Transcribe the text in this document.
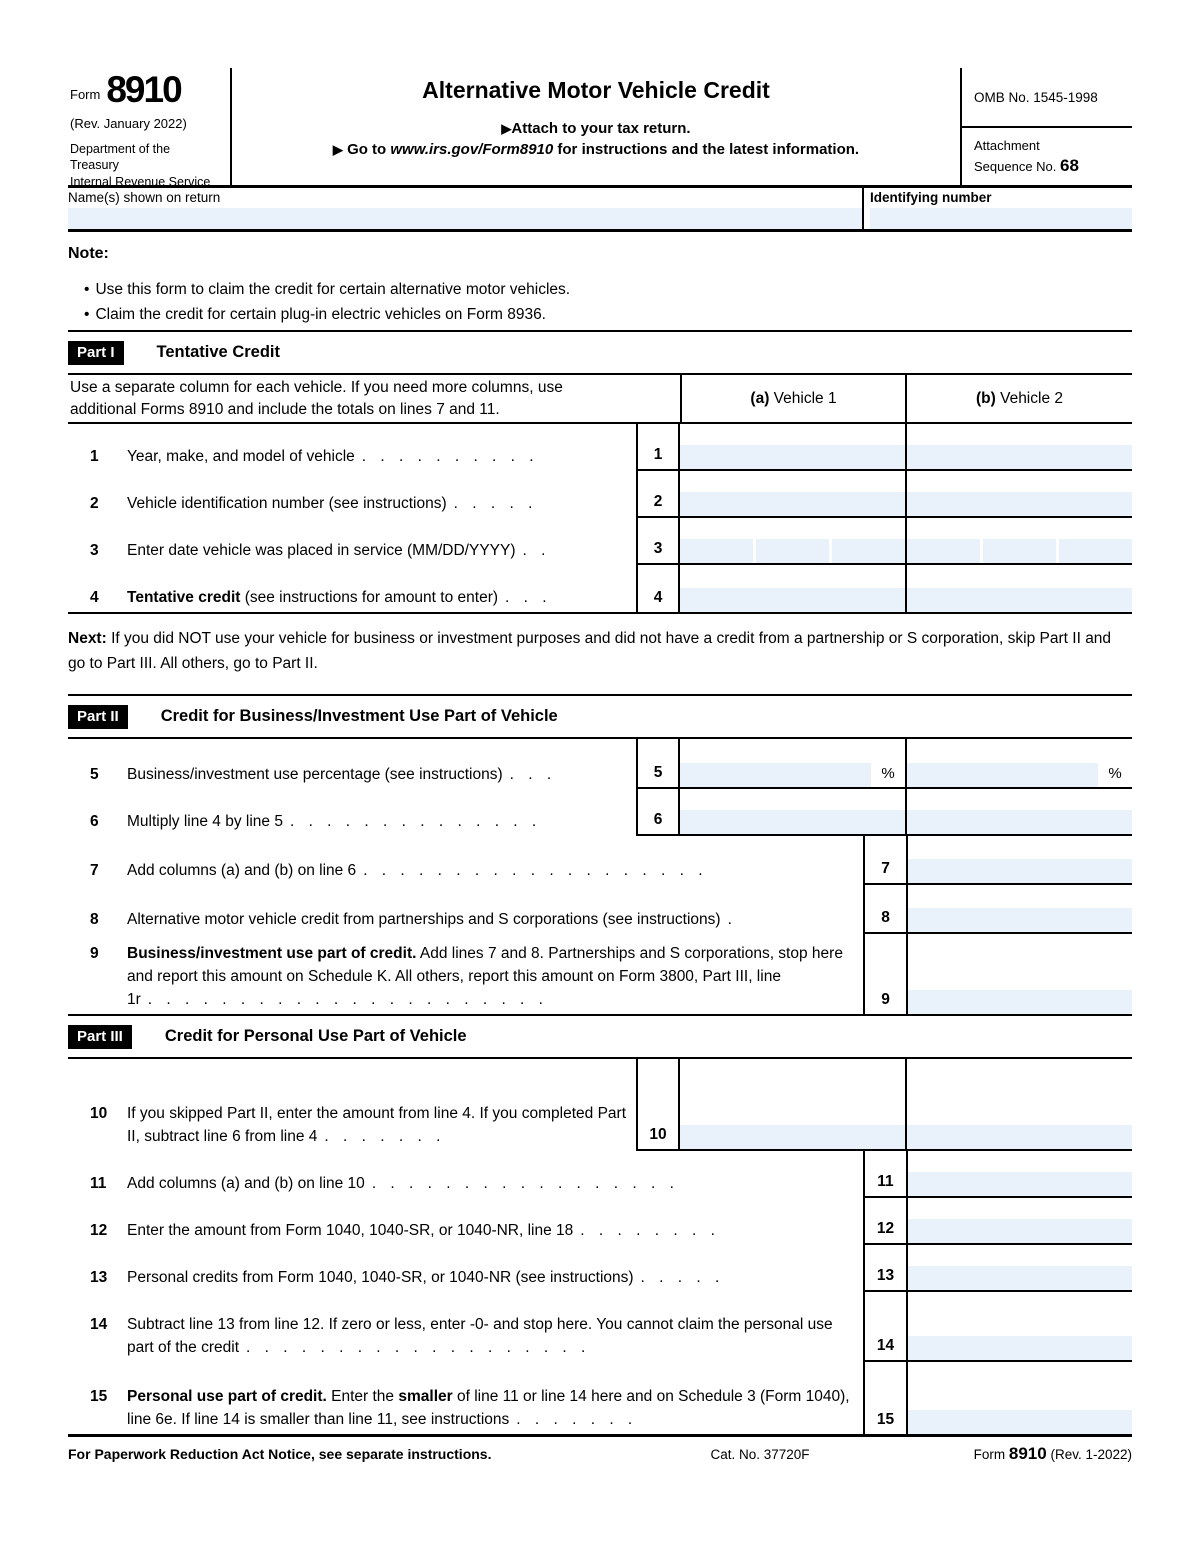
Form 8910
(Rev. January 2022)
Department of the Treasury
Internal Revenue Service
Alternative Motor Vehicle Credit
▶Attach to your tax return.
▶ Go to www.irs.gov/Form8910 for instructions and the latest information.
OMB No. 1545-1998
Attachment
Sequence No. 68
Name(s) shown on return	Identifying number
Note:
• Use this form to claim the credit for certain alternative motor vehicles.
• Claim the credit for certain plug-in electric vehicles on Form 8936.
Part I	Tentative Credit
Use a separate column for each vehicle. If you need more columns, use additional Forms 8910 and include the totals on lines 7 and 11.
(a) Vehicle 1	(b) Vehicle 2
1	Year, make, and model of vehicle . . . . . . . . . .	1
2	Vehicle identification number (see instructions) . . . . .	2
3	Enter date vehicle was placed in service (MM/DD/YYYY) . .	3
4	Tentative credit (see instructions for amount to enter) . . .	4
Next: If you did NOT use your vehicle for business or investment purposes and did not have a credit from a partnership or S corporation, skip Part II and go to Part III. All others, go to Part II.
Part II	Credit for Business/Investment Use Part of Vehicle
5	Business/investment use percentage (see instructions) . . .	5	%	%
6	Multiply line 4 by line 5 . . . . . . . . . . . . . .	6
7	Add columns (a) and (b) on line 6 . . . . . . . . . . . . . . . . . . .	7
8	Alternative motor vehicle credit from partnerships and S corporations (see instructions) .	8
9	Business/investment use part of credit. Add lines 7 and 8. Partnerships and S corporations, stop here and report this amount on Schedule K. All others, report this amount on Form 3800, Part III, line 1r . . . . . . . . . . . . . . . . . . . . . .	9
Part III	Credit for Personal Use Part of Vehicle
10	If you skipped Part II, enter the amount from line 4. If you completed Part II, subtract line 6 from line 4 . . . . . . .	10
11	Add columns (a) and (b) on line 10 . . . . . . . . . . . . . . . . .	11
12	Enter the amount from Form 1040, 1040-SR, or 1040-NR, line 18 . . . . . . . .	12
13	Personal credits from Form 1040, 1040-SR, or 1040-NR (see instructions) . . . . .	13
14	Subtract line 13 from line 12. If zero or less, enter -0- and stop here. You cannot claim the personal use part of the credit . . . . . . . . . . . . . . . . . . .	14
15	Personal use part of credit. Enter the smaller of line 11 or line 14 here and on Schedule 3 (Form 1040), line 6e. If line 14 is smaller than line 11, see instructions . . . . . . .	15
For Paperwork Reduction Act Notice, see separate instructions.	Cat. No. 37720F	Form 8910 (Rev. 1-2022)
